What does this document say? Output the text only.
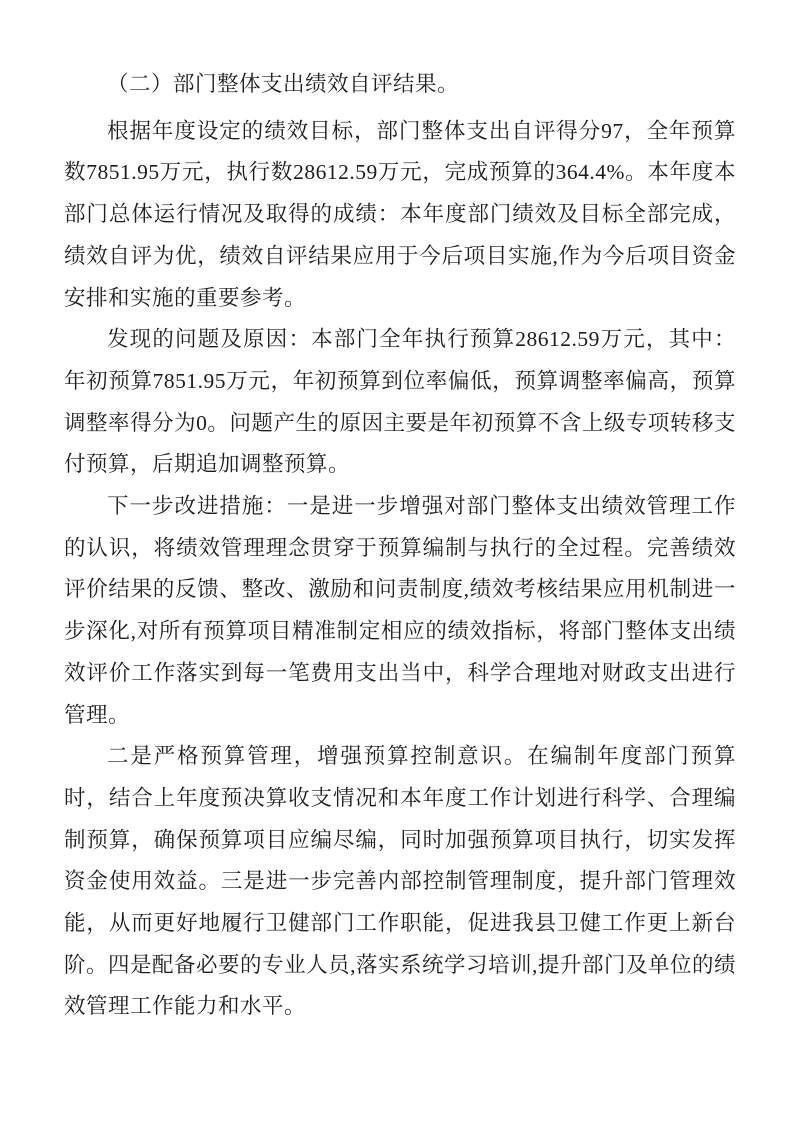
（二）部门整体支出绩效自评结果。

根据年度设定的绩效目标，部门整体支出自评得分97，全年预算数7851.95万元，执行数28612.59万元，完成预算的364.4%。本年度本部门总体运行情况及取得的成绩：本年度部门绩效及目标全部完成，绩效自评为优，绩效自评结果应用于今后项目实施,作为今后项目资金安排和实施的重要参考。

发现的问题及原因：本部门全年执行预算28612.59万元，其中：年初预算7851.95万元，年初预算到位率偏低，预算调整率偏高，预算调整率得分为0。问题产生的原因主要是年初预算不含上级专项转移支付预算，后期追加调整预算。

下一步改进措施：一是进一步增强对部门整体支出绩效管理工作的认识，将绩效管理理念贯穿于预算编制与执行的全过程。完善绩效评价结果的反馈、整改、激励和问责制度,绩效考核结果应用机制进一步深化,对所有预算项目精准制定相应的绩效指标，将部门整体支出绩效评价工作落实到每一笔费用支出当中，科学合理地对财政支出进行管理。

二是严格预算管理，增强预算控制意识。在编制年度部门预算时，结合上年度预决算收支情况和本年度工作计划进行科学、合理编制预算，确保预算项目应编尽编，同时加强预算项目执行，切实发挥资金使用效益。三是进一步完善内部控制管理制度，提升部门管理效能，从而更好地履行卫健部门工作职能，促进我县卫健工作更上新台阶。四是配备必要的专业人员,落实系统学习培训,提升部门及单位的绩效管理工作能力和水平。
